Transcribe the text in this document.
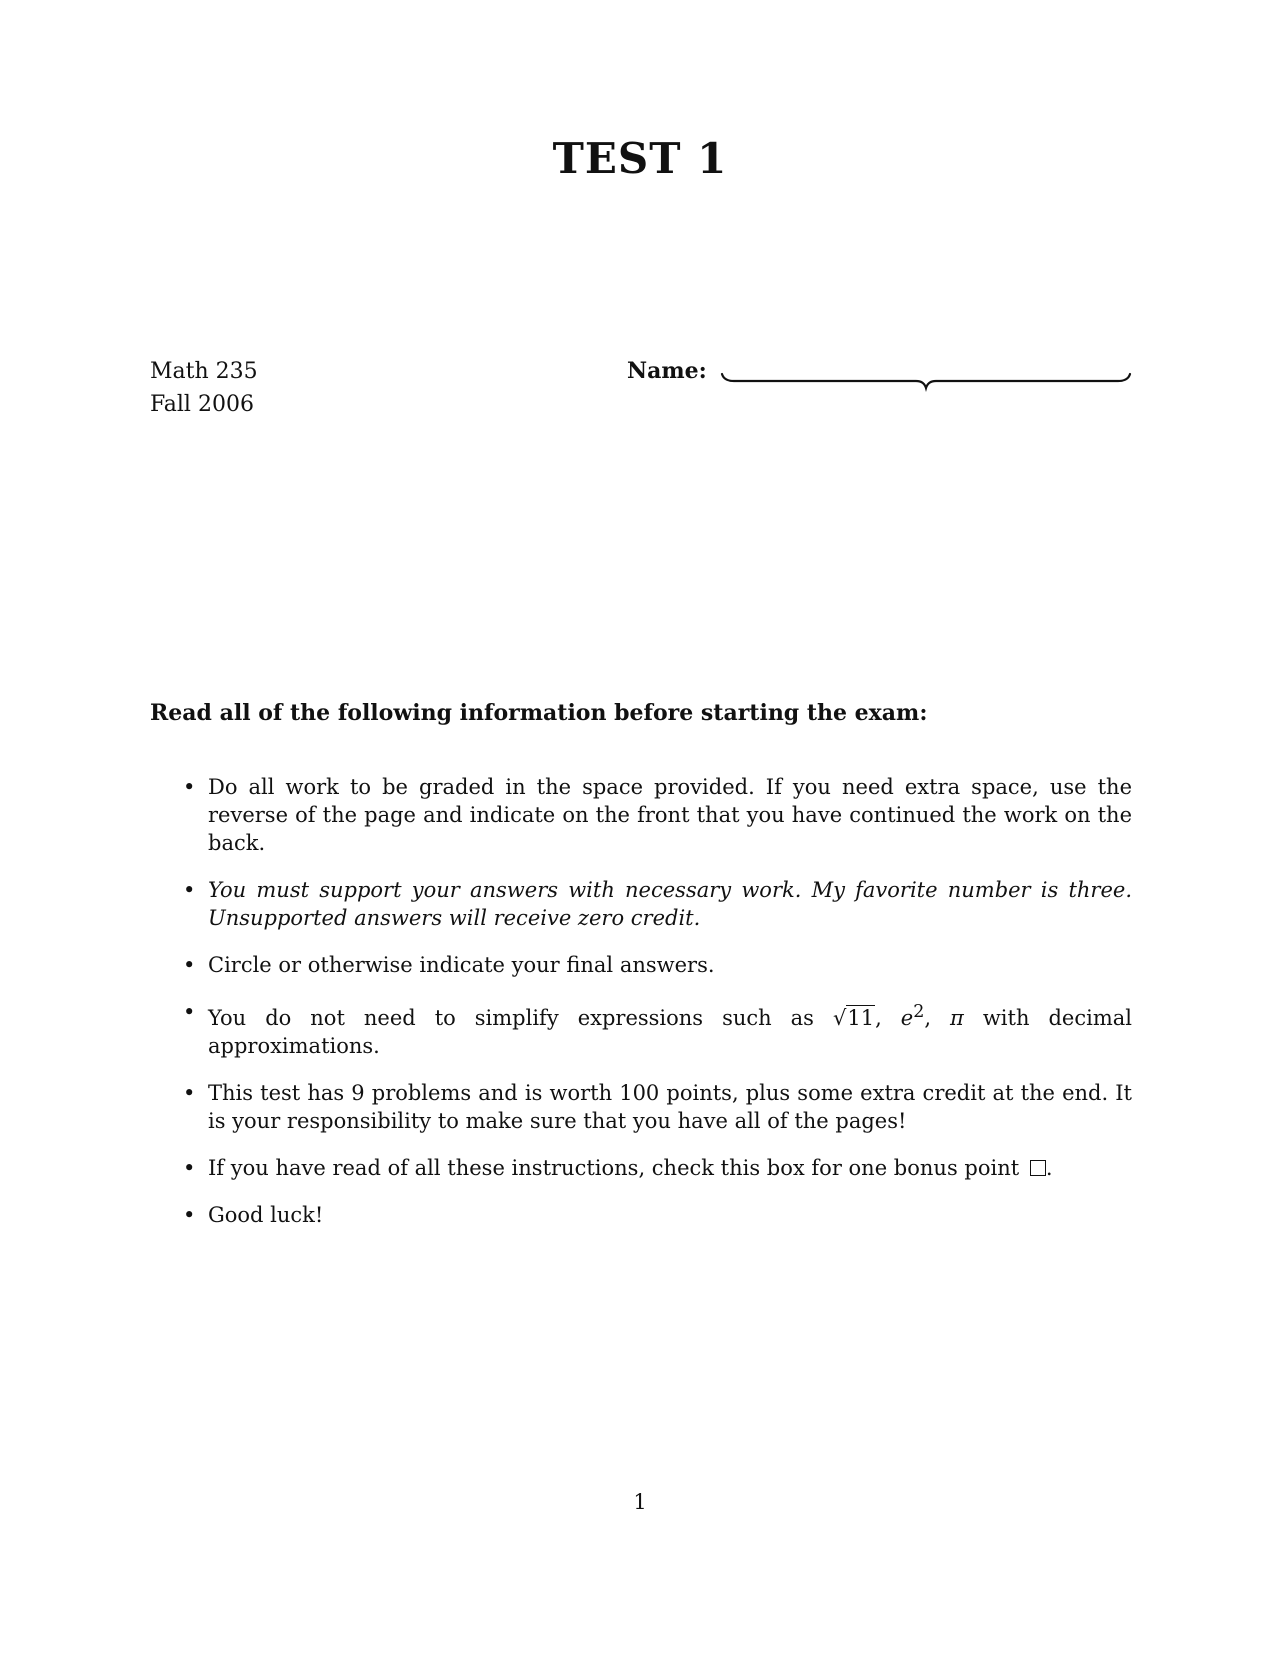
TEST 1
Math 235
Fall 2006
Name:
Read all of the following information before starting the exam:
• Do all work to be graded in the space provided. If you need extra space, use the reverse of the page and indicate on the front that you have continued the work on the back.
• You must support your answers with necessary work. My favorite number is three. Unsupported answers will receive zero credit.
• Circle or otherwise indicate your final answers.
• You do not need to simplify expressions such as √11, $e^2$, π with decimal approximations.
• This test has 9 problems and is worth 100 points, plus some extra credit at the end. It is your responsibility to make sure that you have all of the pages!
• If you have read of all these instructions, check this box for one bonus point .
• Good luck!
1
